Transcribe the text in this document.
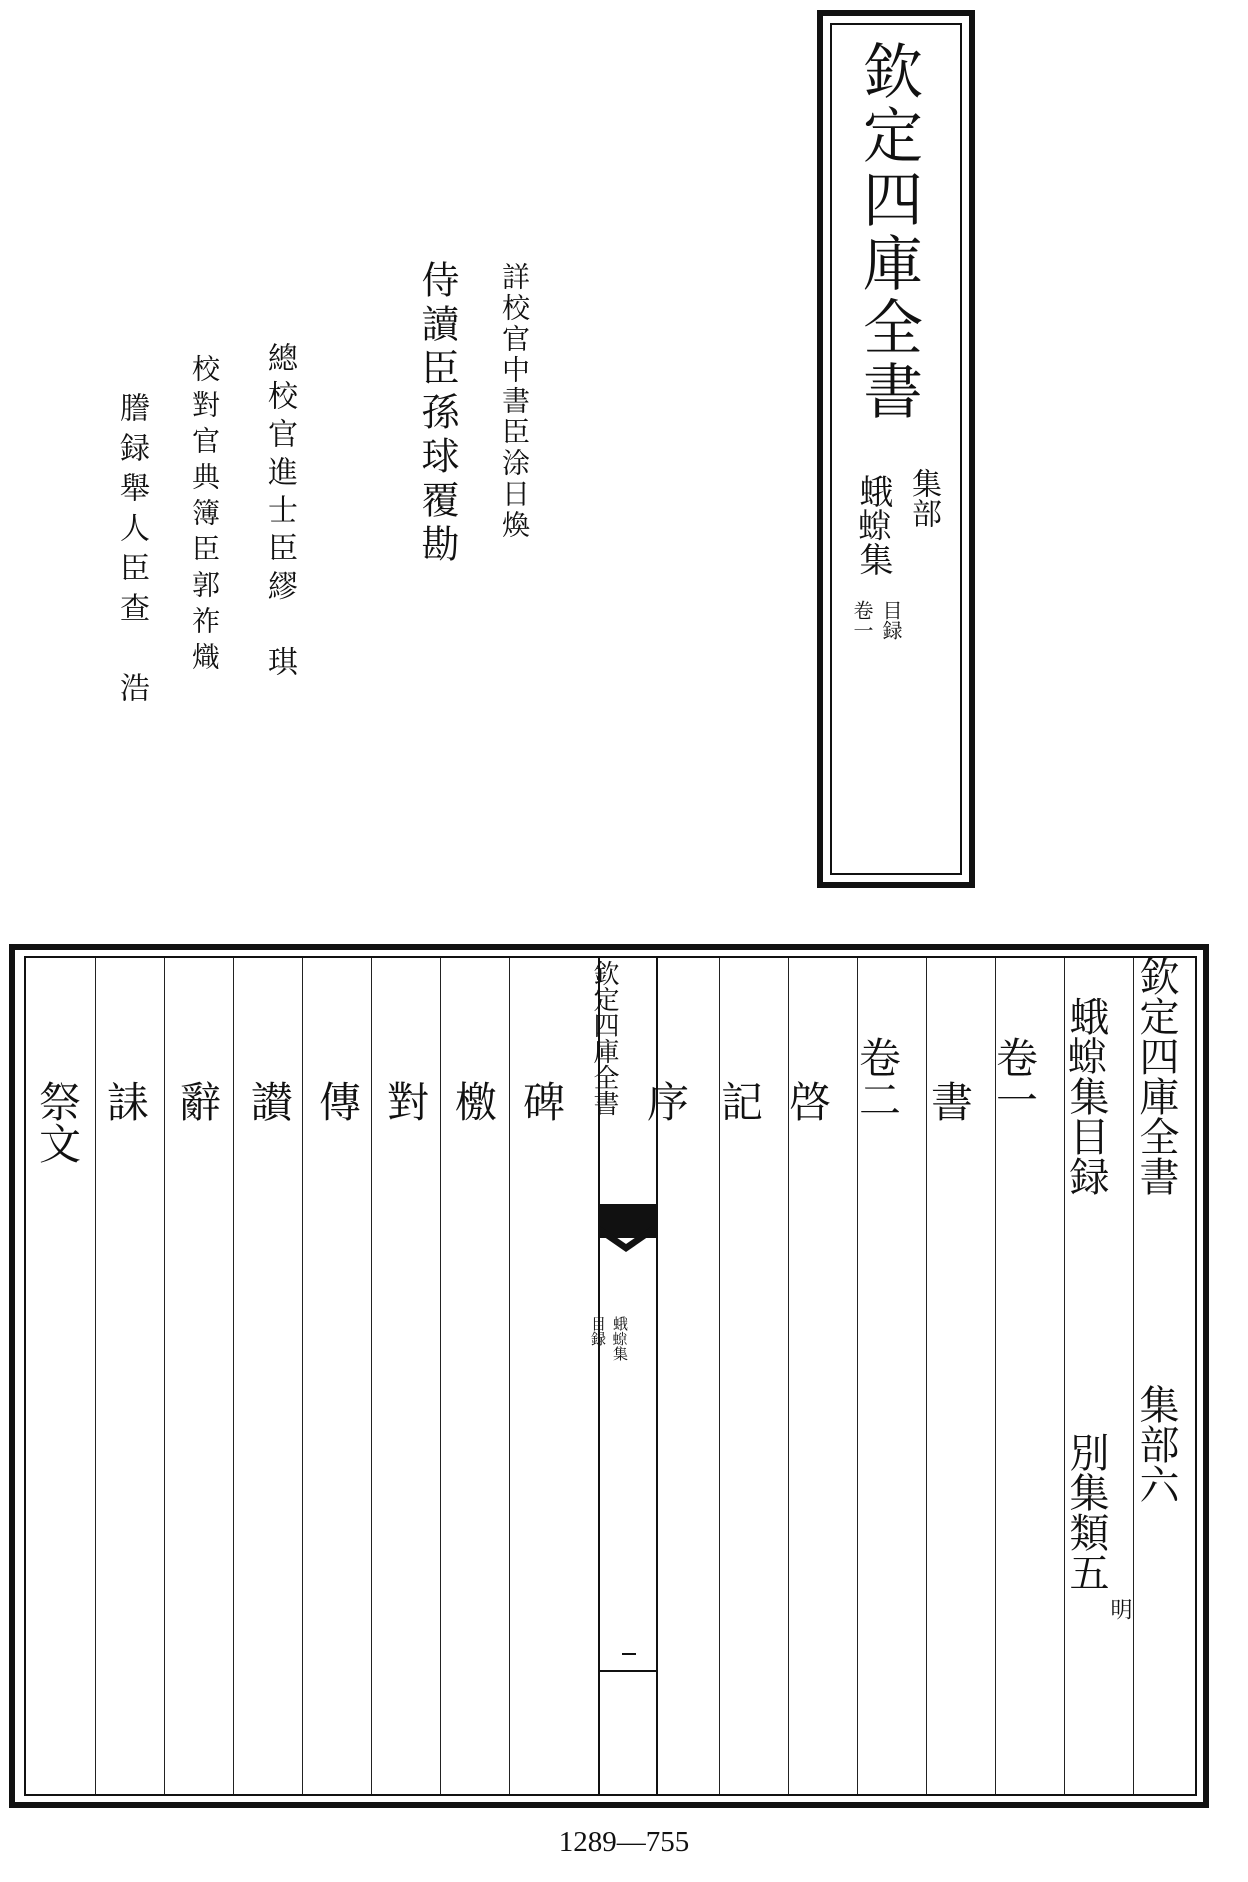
欽定四庫全書
集部
蛾𧎾集
目録
卷一
詳校官中書臣涂日煥
侍讀臣孫球覆勘
總校官進士臣繆　琪
校對官典簿臣郭祚熾
謄録舉人臣查　浩
欽定四庫全書
集部六
蛾𧎾集目録
別集類五
明
卷一
書
卷二
啓
記
序
碑
檄
對
傳
讃
辭
誄
祭文
欽定四庫全書
蛾𧎾集
目録
1289—755
